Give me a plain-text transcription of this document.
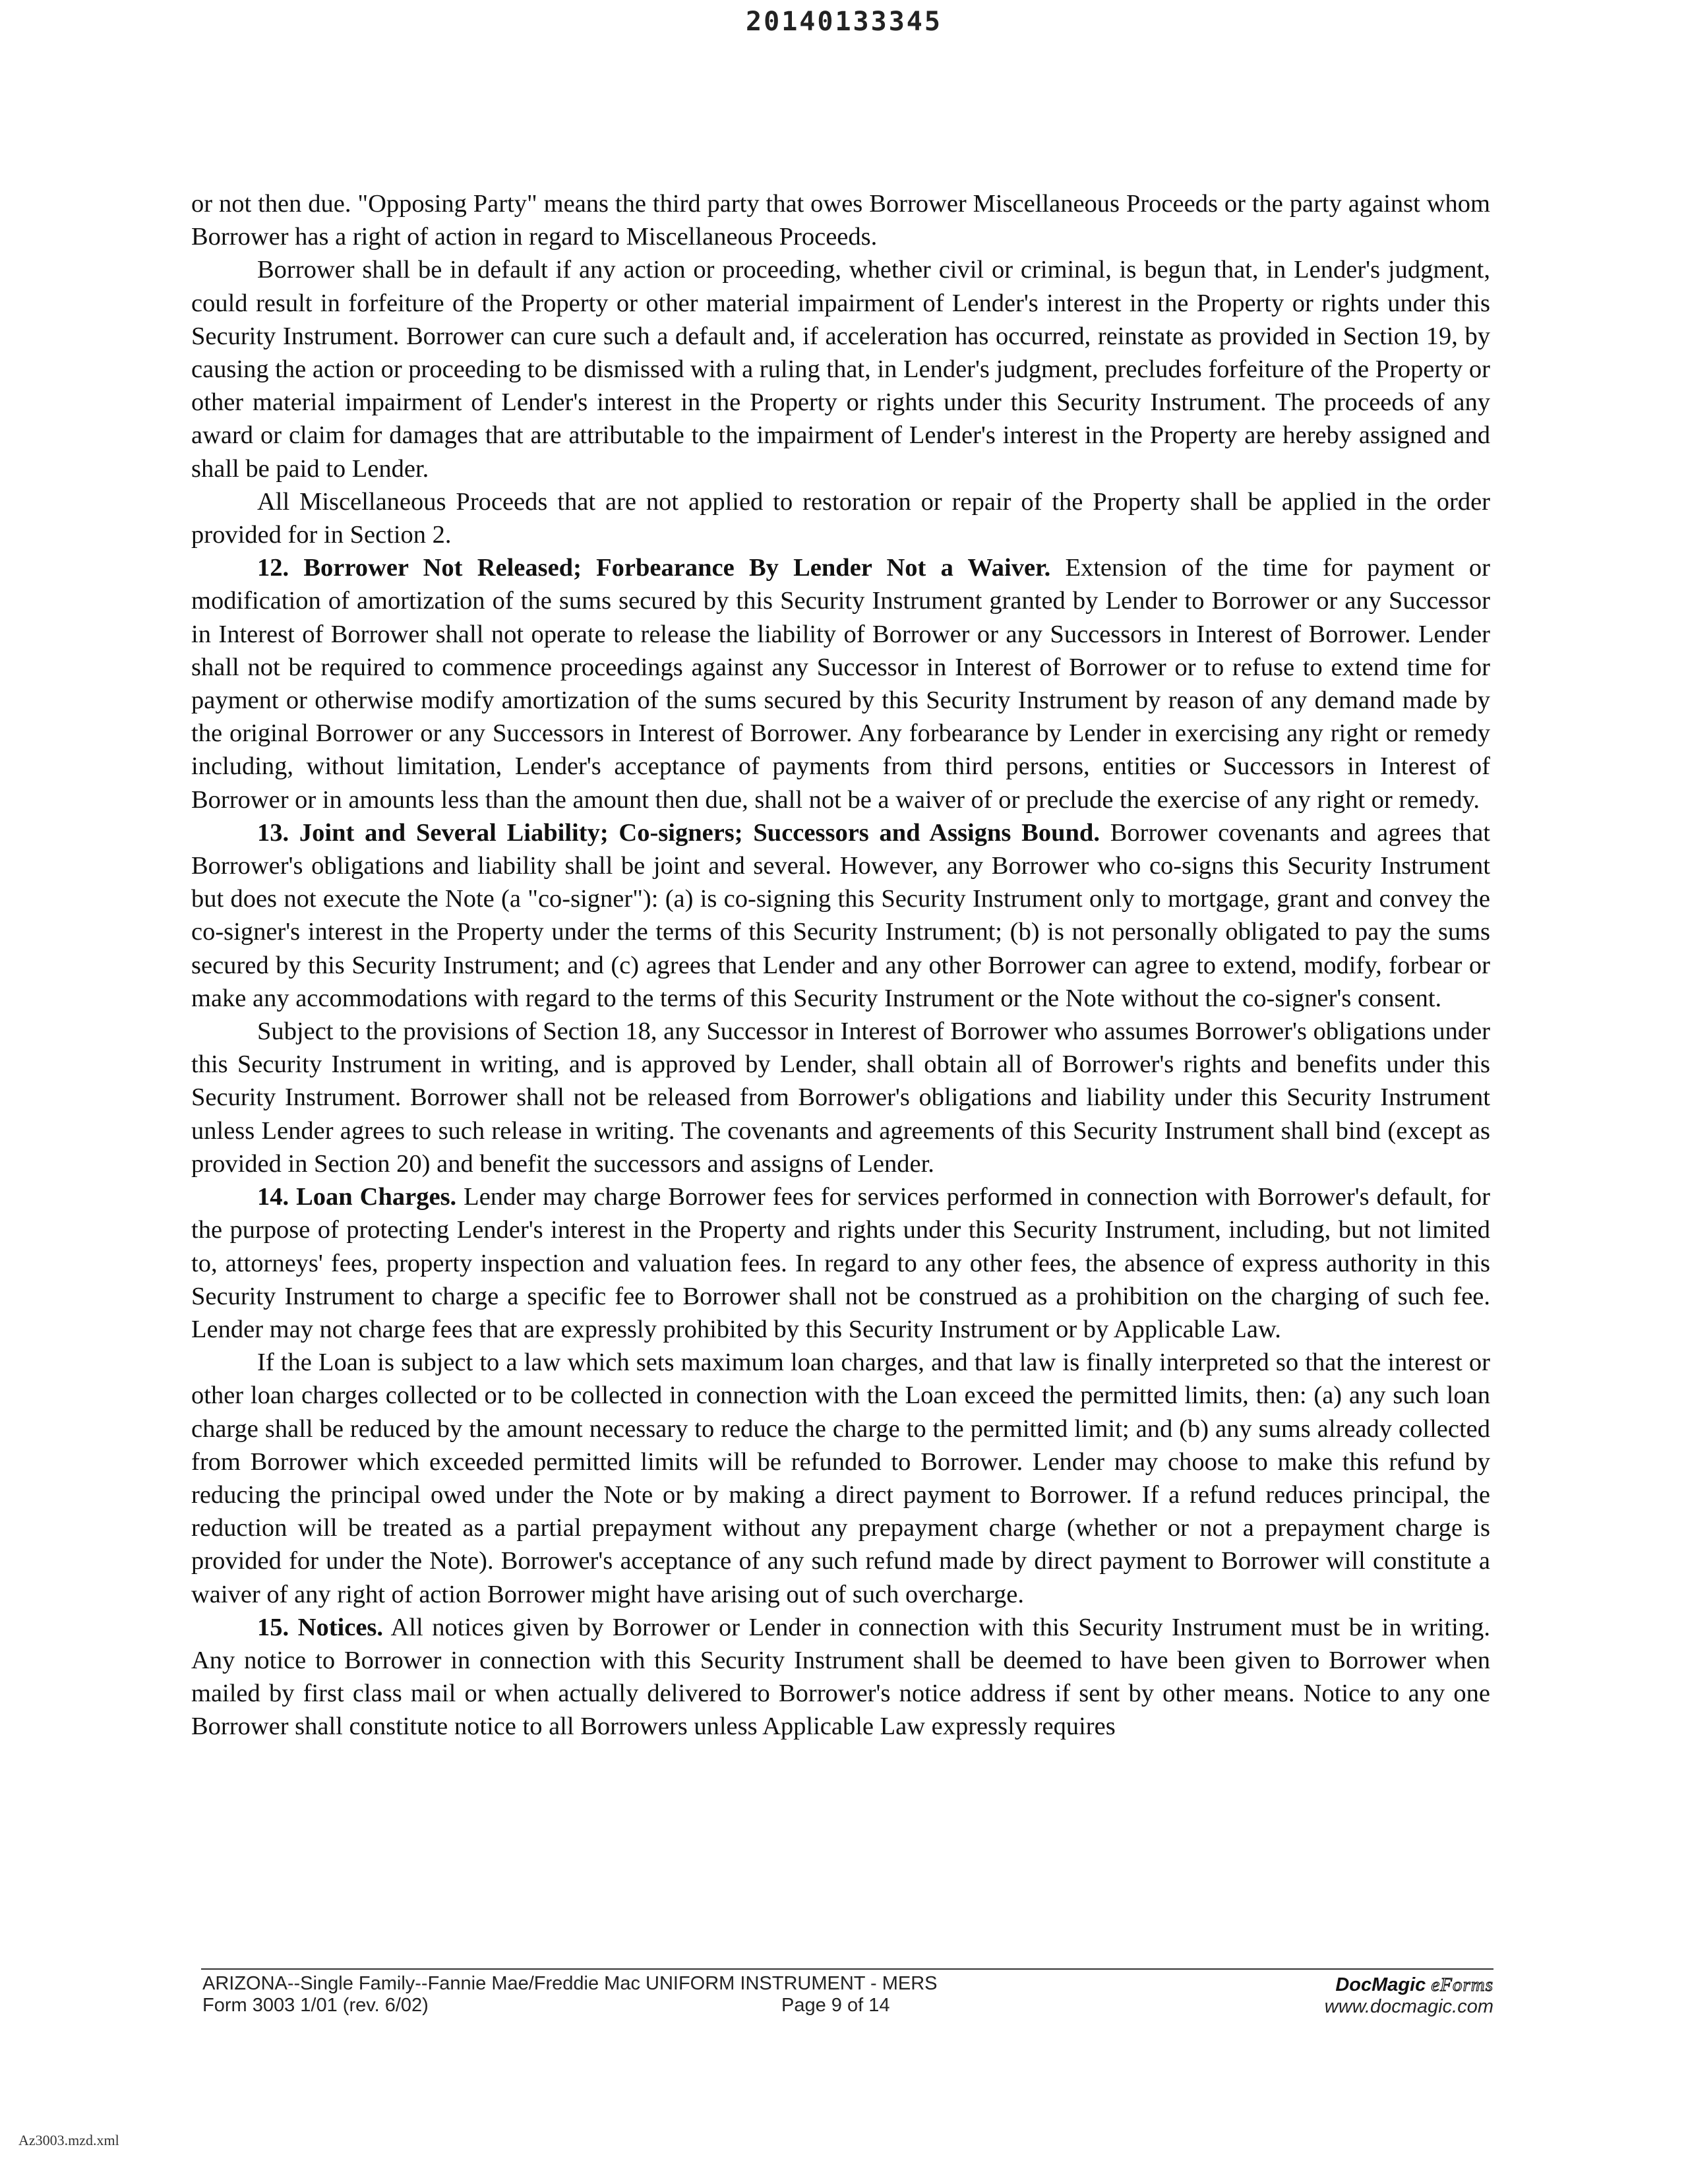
20140133345

or not then due. "Opposing Party" means the third party that owes Borrower Miscellaneous Proceeds or the party against whom Borrower has a right of action in regard to Miscellaneous Proceeds.

Borrower shall be in default if any action or proceeding, whether civil or criminal, is begun that, in Lender's judgment, could result in forfeiture of the Property or other material impairment of Lender's interest in the Property or rights under this Security Instrument. Borrower can cure such a default and, if acceleration has occurred, reinstate as provided in Section 19, by causing the action or proceeding to be dismissed with a ruling that, in Lender's judgment, precludes forfeiture of the Property or other material impairment of Lender's interest in the Property or rights under this Security Instrument. The proceeds of any award or claim for damages that are attributable to the impairment of Lender's interest in the Property are hereby assigned and shall be paid to Lender.

All Miscellaneous Proceeds that are not applied to restoration or repair of the Property shall be applied in the order provided for in Section 2.

12. Borrower Not Released; Forbearance By Lender Not a Waiver. Extension of the time for payment or modification of amortization of the sums secured by this Security Instrument granted by Lender to Borrower or any Successor in Interest of Borrower shall not operate to release the liability of Borrower or any Successors in Interest of Borrower. Lender shall not be required to commence proceedings against any Successor in Interest of Borrower or to refuse to extend time for payment or otherwise modify amortization of the sums secured by this Security Instrument by reason of any demand made by the original Borrower or any Successors in Interest of Borrower. Any forbearance by Lender in exercising any right or remedy including, without limitation, Lender's acceptance of payments from third persons, entities or Successors in Interest of Borrower or in amounts less than the amount then due, shall not be a waiver of or preclude the exercise of any right or remedy.

13. Joint and Several Liability; Co-signers; Successors and Assigns Bound. Borrower covenants and agrees that Borrower's obligations and liability shall be joint and several. However, any Borrower who co-signs this Security Instrument but does not execute the Note (a "co-signer"): (a) is co-signing this Security Instrument only to mortgage, grant and convey the co-signer's interest in the Property under the terms of this Security Instrument; (b) is not personally obligated to pay the sums secured by this Security Instrument; and (c) agrees that Lender and any other Borrower can agree to extend, modify, forbear or make any accommodations with regard to the terms of this Security Instrument or the Note without the co-signer's consent.

Subject to the provisions of Section 18, any Successor in Interest of Borrower who assumes Borrower's obligations under this Security Instrument in writing, and is approved by Lender, shall obtain all of Borrower's rights and benefits under this Security Instrument. Borrower shall not be released from Borrower's obligations and liability under this Security Instrument unless Lender agrees to such release in writing. The covenants and agreements of this Security Instrument shall bind (except as provided in Section 20) and benefit the successors and assigns of Lender.

14. Loan Charges. Lender may charge Borrower fees for services performed in connection with Borrower's default, for the purpose of protecting Lender's interest in the Property and rights under this Security Instrument, including, but not limited to, attorneys' fees, property inspection and valuation fees. In regard to any other fees, the absence of express authority in this Security Instrument to charge a specific fee to Borrower shall not be construed as a prohibition on the charging of such fee. Lender may not charge fees that are expressly prohibited by this Security Instrument or by Applicable Law.

If the Loan is subject to a law which sets maximum loan charges, and that law is finally interpreted so that the interest or other loan charges collected or to be collected in connection with the Loan exceed the permitted limits, then: (a) any such loan charge shall be reduced by the amount necessary to reduce the charge to the permitted limit; and (b) any sums already collected from Borrower which exceeded permitted limits will be refunded to Borrower. Lender may choose to make this refund by reducing the principal owed under the Note or by making a direct payment to Borrower. If a refund reduces principal, the reduction will be treated as a partial prepayment without any prepayment charge (whether or not a prepayment charge is provided for under the Note). Borrower's acceptance of any such refund made by direct payment to Borrower will constitute a waiver of any right of action Borrower might have arising out of such overcharge.

15. Notices. All notices given by Borrower or Lender in connection with this Security Instrument must be in writing. Any notice to Borrower in connection with this Security Instrument shall be deemed to have been given to Borrower when mailed by first class mail or when actually delivered to Borrower's notice address if sent by other means. Notice to any one Borrower shall constitute notice to all Borrowers unless Applicable Law expressly requires

ARIZONA--Single Family--Fannie Mae/Freddie Mac UNIFORM INSTRUMENT - MERS
Form 3003 1/01 (rev. 6/02)	Page 9 of 14
DocMagic eForms
www.docmagic.com
Az3003.mzd.xml
